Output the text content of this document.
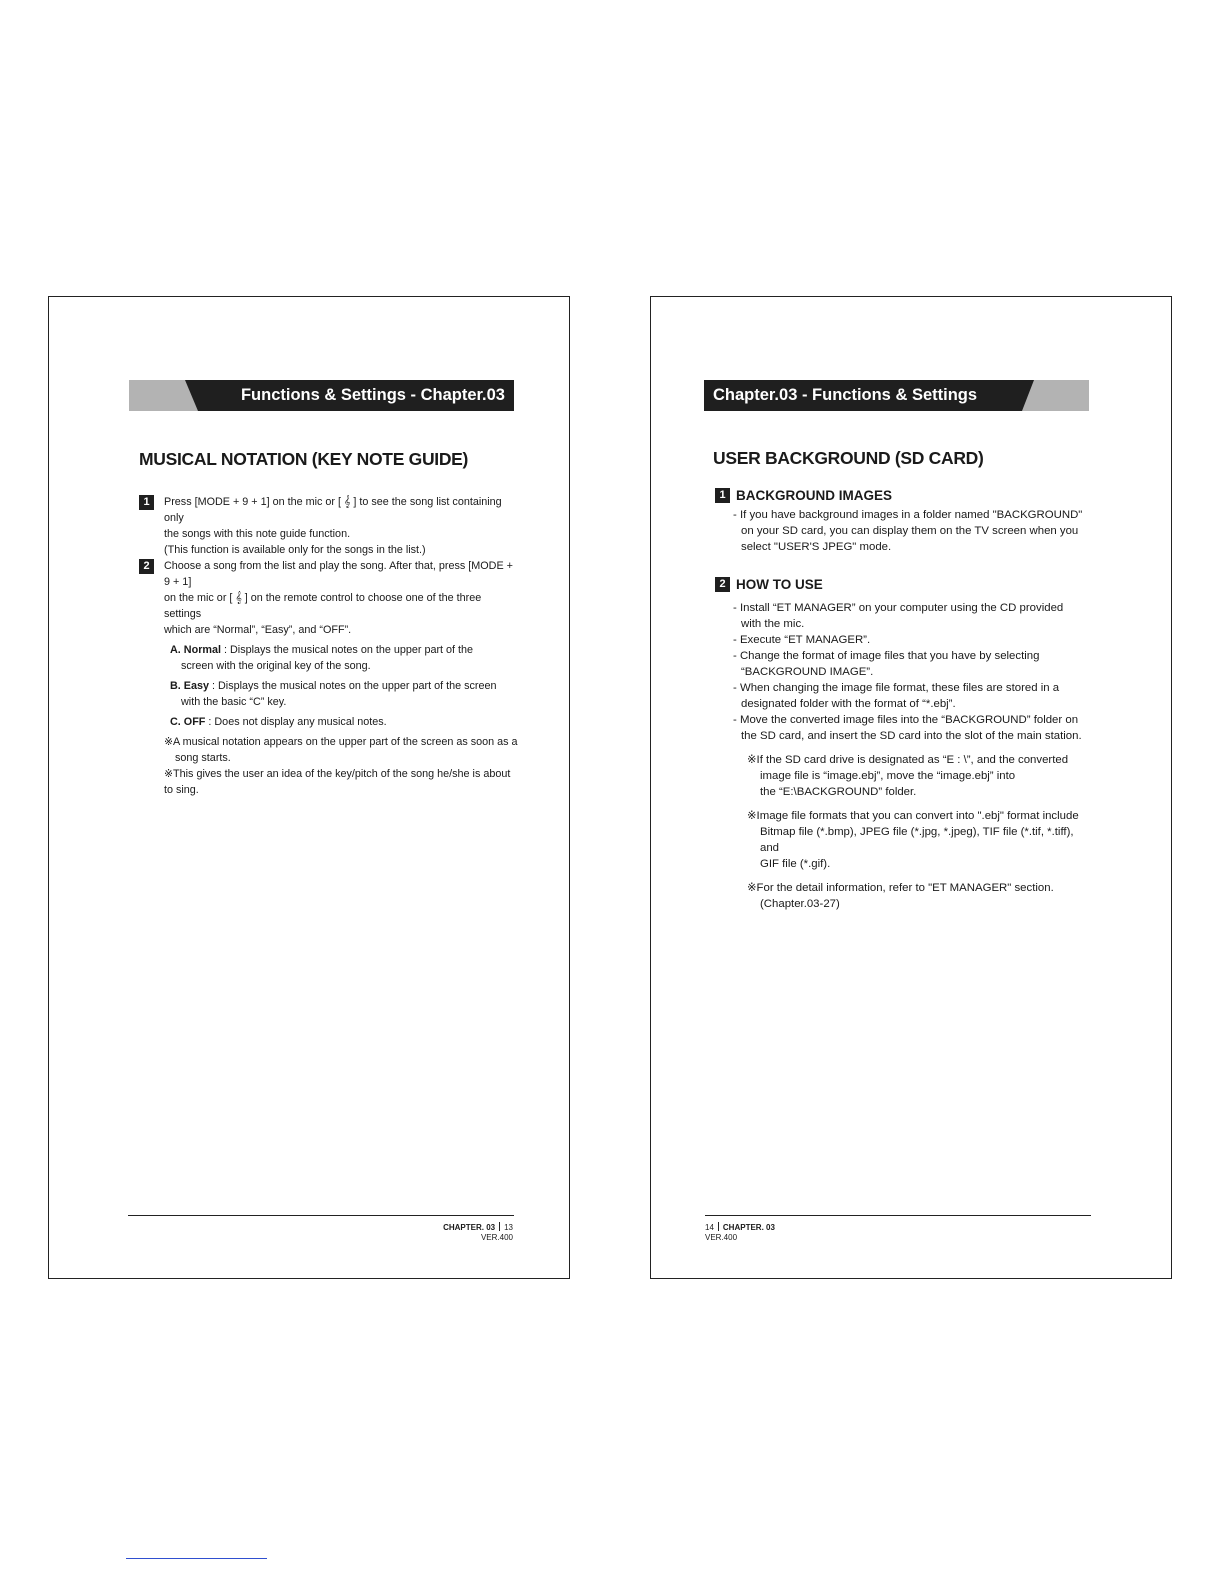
Functions & Settings - Chapter.03
MUSICAL NOTATION (KEY NOTE GUIDE)
1	Press [MODE + 9 + 1] on the mic or [ 𝄞 ] to see the song list containing only

the songs with this note guide function.

(This function is available only for the songs in the list.)

2	Choose a song from the list and play the song. After that, press [MODE + 9 + 1]

on the mic or [ 𝄞 ] on the remote control to choose one of the three settings

which are “Normal”, “Easy”, and “OFF”.

A. Normal : Displays the musical notes on the upper part of the
screen with the original key of the song.
B. Easy : Displays the musical notes on the upper part of the screen
with the basic “C” key.
C. OFF : Does not display any musical notes.

※A musical notation appears on the upper part of the screen as soon as a

song starts.

※This gives the user an idea of the key/pitch of the song he/she is about to sing.

CHAPTER. 03 13
VER.400
Chapter.03 - Functions & Settings
USER BACKGROUND (SD CARD)
1 BACKGROUND IMAGES

- If you have background images in a folder named "BACKGROUND"

on your SD card, you can display them on the TV screen when you

select "USER'S JPEG" mode.

2 HOW TO USE

- Install “ET MANAGER” on your computer using the CD provided

with the mic.

- Execute “ET MANAGER”.

- Change the format of image files that you have by selecting

“BACKGROUND IMAGE”.

- When changing the image file format, these files are stored in a

designated folder with the format of “*.ebj”.

- Move the converted image files into the “BACKGROUND” folder on

the SD card, and insert the SD card into the slot of the main station.

※If the SD card drive is designated as “E : \”, and the converted

image file is “image.ebj”, move the “image.ebj” into

the “E:\BACKGROUND” folder.

※Image file formats that you can convert into ".ebj" format include

Bitmap file (*.bmp), JPEG file (*.jpg, *.jpeg), TIF file (*.tif, *.tiff), and

GIF file (*.gif).

※For the detail information, refer to "ET MANAGER" section.

(Chapter.03-27)

14 CHAPTER. 03
VER.400
